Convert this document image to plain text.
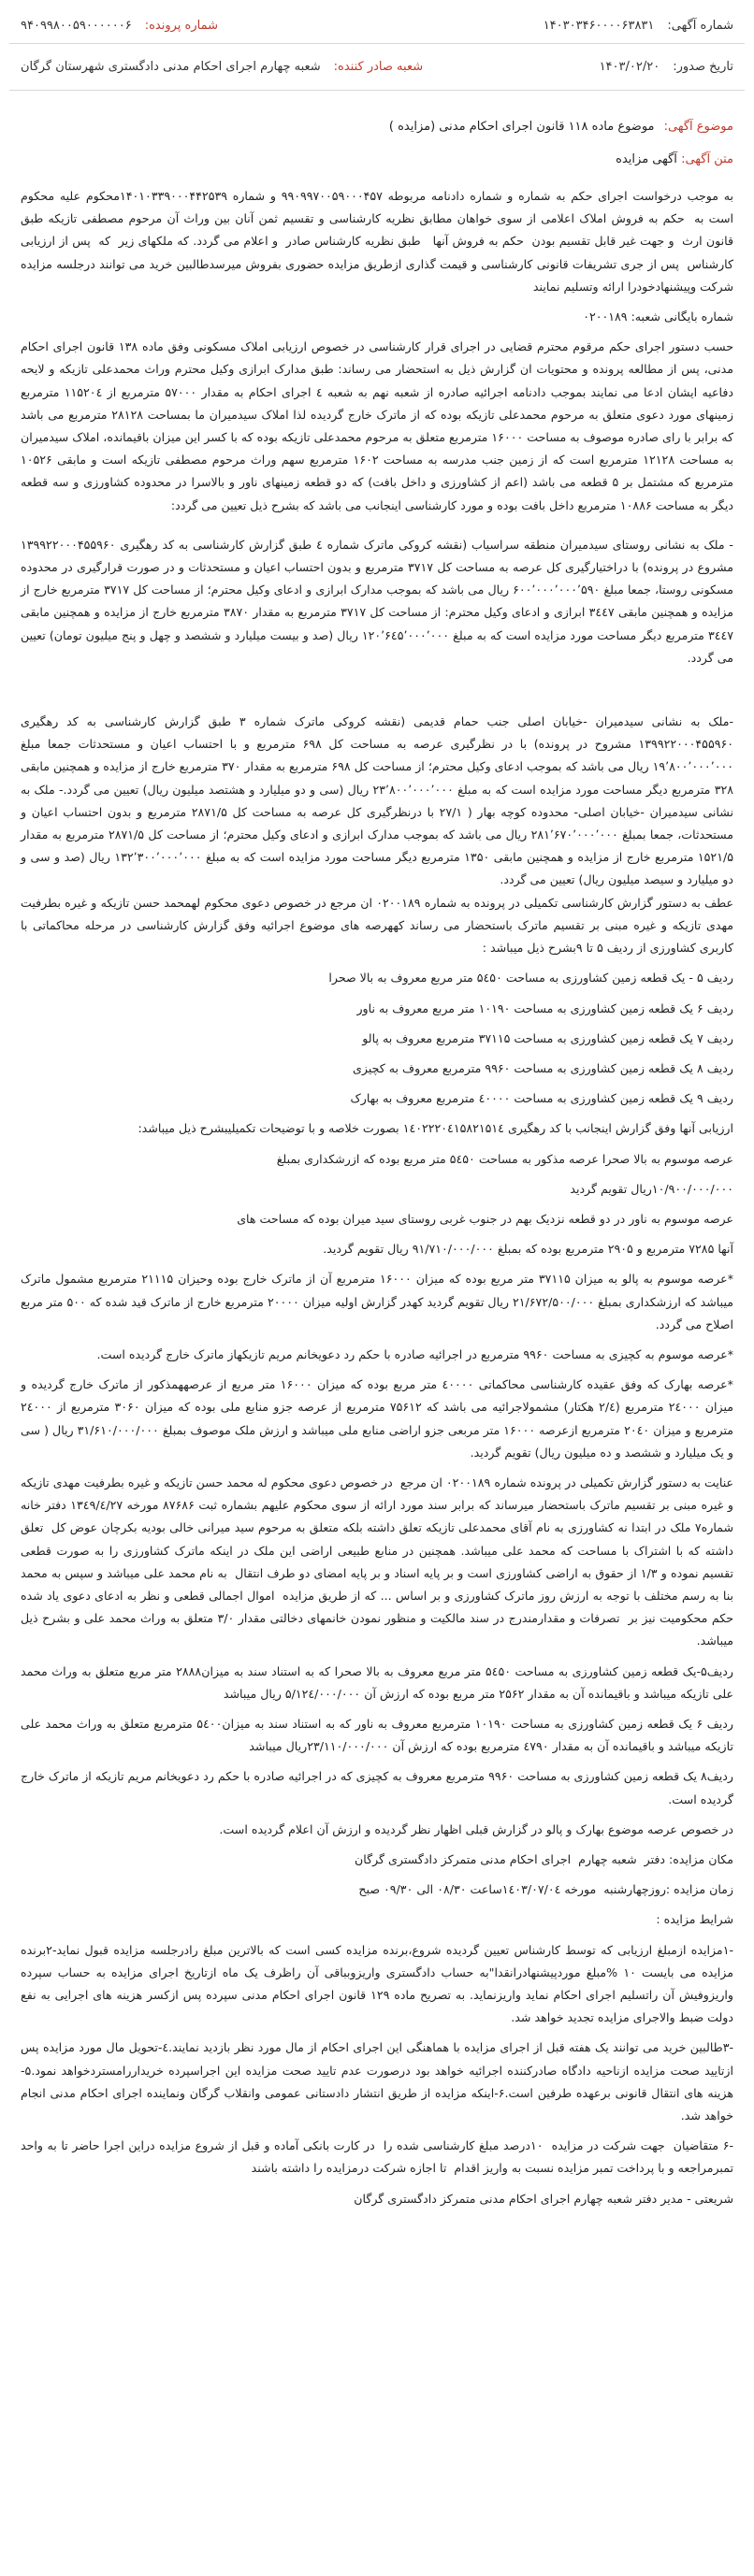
شماره آگهی:
۱۴۰۳۰۳۴۶۰۰۰۰۶۳۸۳۱
شماره پرونده:
۹۴۰۹۹۸۰۰۵۹۰۰۰۰۰۰۶
تاریخ صدور:
۱۴۰۳/۰۲/۲۰
شعبه صادر کننده:
شعبه چهارم اجرای احکام مدنی دادگستری شهرستان گرگان
موضوع آگهی: موضوع ماده ۱۱۸ قانون اجرای احکام مدنی (مزایده )
متن آگهی: آگهی مزایده

به موجب درخواست اجرای حکم به شماره و شماره دادنامه مربوطه ۹۹۰۹۹۷۰۰۵۹۰۰۰۴۵۷ و شماره ۱۴۰۱۰۳۳۹۰۰۰۴۴۲۵۳۹محکوم علیه محکوم است به  حکم به فروش املاک اعلامی از سوی خواهان مطابق نظریه کارشناسی و تقسیم ثمن آنان بین وراث آن مرحوم مصطفی تازیکه طبق قانون ارث  و جهت غیر قابل تقسیم بودن  حکم به فروش آنها   طبق نظریه کارشناس صادر  و اعلام می گردد. که ملکهای زیر  که  پس از ارزیابی کارشناس  پس از جری تشریفات قانونی کارشناسی و قیمت گذاری ازطریق مزایده حضوری بفروش میرسدطالبین خرید می توانند درجلسه مزایده شرکت وپیشنهادخودرا ارائه وتسلیم نمایند

شماره بایگانی شعبه: ۰۲۰۰۱۸۹

حسب دستور اجرای حکم مرقوم محترم قضایی در اجرای قرار کارشناسی در خصوص ارزیابی املاک مسکونی وفق ماده ۱۳۸ قانون اجرای احکام مدنی، پس از مطالعه پرونده و محتویات ان گزارش ذیل به استحضار می رساند: طبق مدارک ابرازی وکیل محترم وراث محمدعلی تازیکه و لایحه دفاعیه ایشان ادعا می نمایند بموجب دادنامه اجرائیه صادره از شعبه نهم به شعبه ٤ اجرای احکام به مقدار ۵۷۰۰۰ مترمربع از ۱۱۵۲۰٤ مترمربع زمینهای مورد دعوی متعلق به مرحوم محمدعلی تازیکه بوده که از ماترک خارج گردیده لذا املاک سیدمیران ما بمساحت ۲۸۱۲۸ مترمربع می باشد که برابر با رای صادره موصوف به مساحت ۱۶۰۰۰ مترمربع متعلق به مرحوم محمدعلی تازیکه بوده که با کسر این میزان باقیمانده، املاک سیدمیران به مساحت ۱۲۱۲۸ مترمربع است که از زمین جنب مدرسه به مساحت ۱۶۰۲ مترمربع سهم وراث مرحوم مصطفی تازیکه است و مابقی ۱۰۵۲۶ مترمربع که مشتمل بر ۵ قطعه می باشد (اعم از کشاورزی و داخل بافت) که دو قطعه زمینهای ناور و بالاسرا در محدوده کشاورزی و سه قطعه دیگر به مساحت ۱۰۸۸۶ مترمربع داخل بافت بوده و مورد کارشناسی اینجانب می باشد که بشرح ذیل تعیین می گردد:

- ملک به نشانی روستای سیدمیران منطقه سراسیاب (نقشه کروکی ماترک شماره ٤ طبق گزارش کارشناسی به کد رهگیری ۱۳۹۹۲۲۰۰۰۴۵۵۹۶۰ مشروع در پرونده) با دراختیارگیری کل عرصه به مساحت کل ۳۷۱۷ مترمربع و بدون احتساب اعیان و مستحدثات و در صورت قرارگیری در محدوده مسکونی روستا، جمعا مبلغ ۶۰۰٬۰۰۰٬۰۰۰٬۵۹۰ ریال می باشد که بموجب مدارک ابرازی و ادعای وکیل محترم؛ از مساحت کل ۳۷۱۷ مترمربع خارج از مزایده و همچنین مابقی ۳٤٤۷ ابرازی و ادعای وکیل محترم: از مساحت کل ۳۷۱۷ مترمربع به مقدار ۳۸۷۰ مترمربع خارج از مزایده و همچنین مابقی ۳٤٤۷ مترمربع دیگر مساحت مورد مزایده است که به مبلغ ۱۲۰٬۶٤۵٬۰۰۰٬۰۰۰ ریال (صد و بیست میلیارد و ششصد و چهل و پنج میلیون تومان) تعیین می گردد.

-ملک به نشانی سیدمیران -خیابان اصلی جنب حمام قدیمی (نقشه کروکی ماترک شماره ۳ طبق گزارش کارشناسی به کد رهگیری ۱۳۹۹۲۲۰۰۰۴۵۵۹۶۰ مشروح در پرونده) با در نظرگیری عرصه به مساحت کل ۶۹۸ مترمربع و با احتساب اعیان و مستحدثات جمعا مبلغ ۱۹٬۸۰۰٬۰۰۰٬۰۰۰ ریال می باشد که بموجب ادعای وکیل محترم؛ از مساحت کل ۶۹۸ مترمربع به مقدار ۳۷۰ مترمربع خارج از مزایده و همچنین مابقی ۳۲۸ مترمربع دیگر مساحت مورد مزایده است که به مبلغ ۲۳٬۸۰۰٬۰۰۰٬۰۰۰ ریال (سی و دو میلیارد و هشتصد میلیون ریال) تعیین می گردد.- ملک به نشانی سیدمیران -خیابان اصلی- محدوده کوچه بهار ( ۲۷/۱ با درنظرگیری کل عرصه به مساحت کل ۲۸۷۱/۵ مترمربع و بدون احتساب اعیان و مستحدثات، جمعا بمبلغ ۲۸۱٬۶۷۰٬۰۰۰٬۰۰۰ ریال می باشد که بموجب مدارک ابرازی و ادعای وکیل محترم؛ از مساحت کل ۲۸۷۱/۵ مترمربع به مقدار ۱۵۲۱/۵ مترمربع خارج از مزایده و همچنین مابقی ۱۳۵۰ مترمربع دیگر مساحت مورد مزایده است که به مبلغ ۱۳۲٬۳۰۰٬۰۰۰٬۰۰۰ ریال (صد و سی و دو میلیارد و سیصد میلیون ریال) تعیین می گردد.

عطف به دستور گزارش کارشناسی تکمیلی در پرونده به شماره ۰۲۰۰۱۸۹ ان مرجع در خصوص دعوی محکوم لهمحمد حسن تازیکه و غیره بطرفیت مهدی تازیکه و غیره مبنی بر تقسیم ماترک باستحضار می رساند کههرصه های موضوع اجرائیه وفق گزارش کارشناسی در مرحله محاکماتی با کاربری کشاورزی از ردیف ۵ تا ۹بشرح ذیل میباشد :

ردیف ۵ - یک قطعه زمین کشاورزی به مساحت ۵٤۵۰ متر مربع معروف به بالا صحرا

ردیف ۶ یک قطعه زمین کشاورزی به مساحت ۱۰۱۹۰ متر مربع معروف به ناور

ردیف ۷ یک قطعه زمین کشاورزی به مساحت ۳۷۱۱۵ مترمربع معروف به پالو

ردیف ۸ یک قطعه زمین کشاورزی به مساحت ۹۹۶۰ مترمربع معروف به کچیزی

ردیف ۹ یک قطعه زمین کشاورزی به مساحت ٤۰۰۰۰ مترمربع معروف به بهارک

ارزیابی آنها وفق گزارش اینجانب با کد رهگیری ۱٤۰۲۲۲۰٤۱۵۸۲۱۵۱٤ بصورت خلاصه و با توضیحات تکمیلیبشرح ذیل میباشد:

عرصه موسوم به بالا صحرا عرصه مذکور به مساحت ۵٤۵۰ متر مربع بوده که ازرشکداری بمبلغ

۱۰/۹۰۰/۰۰۰/۰۰۰ریال تقویم گردید

عرصه موسوم به ناور در دو قطعه نزدیک بهم در جنوب غربی روستای سید میران بوده که مساحت های

آنها ۷۲۸۵ مترمربع و ۲۹۰۵ مترمربع بوده که بمبلغ ۹۱/۷۱۰/۰۰۰/۰۰۰ ریال تقویم گردید.

*عرصه موسوم به پالو به میزان ۳۷۱۱۵ متر مربع بوده که میزان ۱۶۰۰۰ مترمربع آن از ماترک خارج بوده وحیزان ۲۱۱۱۵ مترمربع مشمول ماترک میباشد که ارزشکداری بمبلغ ۲۱/۶۷۲/۵۰۰/۰۰۰ ریال تقویم گردید کهدر گزارش اولیه میزان ۲۰۰۰۰ مترمربع خارج از ماترک قید شده که ۵۰۰ متر مربع اصلاح می گردد.

*عرصه موسوم به کچیزی به مساحت ۹۹۶۰ مترمربع در اجرائیه صادره با حکم رد دعویخانم مریم تازیکهاز ماترک خارج گردیده است.

*عرصه بهارک که وفق عقیده کارشناسی محاکماتی ٤۰۰۰۰ متر مربع بوده که میزان ۱۶۰۰۰ متر مربع از عرصههمذکور از ماترک خارج گردیده و میزان ۲٤۰۰۰ مترمربع (۲/٤ هکتار) مشمولاجرائیه می باشد که ۷۵۶۱۲ مترمربع از عرصه جزو منابع ملی بوده که میزان ۳۰۶۰ مترمربع از ۲٤۰۰۰ مترمربع و میزان ۲۰٤۰ مترمربع ازعرصه ۱۶۰۰۰ متر مربعی جزو اراضی منابع ملی میباشد و ارزش ملک موصوف بمبلغ ۳۱/۶۱۰/۰۰۰/۰۰۰ ریال ( سی و یک میلیارد و ششصد و ده میلیون ریال) تقویم گردید.

عنایت به دستور گزارش تکمیلی در پرونده شماره ۰۲۰۰۱۸۹ ان مرجع  در خصوص دعوی محکوم له محمد حسن تازیکه و غیره بطرفیت مهدی تازیکه و غیره مبنی بر تقسیم ماترک باستحضار میرساند که برابر سند مورد ارائه از سوی محکوم علیهم بشماره ثبت ۸۷۶۸۶ مورخه ۱۳٤۹/٤/۲۷ دفتر خانه شماره۷ ملک در ابتدا نه کشاورزی به نام آقای محمدعلی تازیکه تعلق داشته بلکه متعلق به مرحوم سید میرانی خالی بودیه بکرچان عوض کل  تعلق داشته که با اشتراک با مساحت که محمد علی میباشد. همچنین در منابع طبیعی اراضی این ملک در اینکه ماترک کشاورزی را به صورت قطعی تقسیم نموده و ۱/۳ از حقوق به اراضی کشاورزی است و بر پایه اسناد و بر پایه امضای دو طرف انتقال  به نام محمد علی میباشد و سپس به محمد  بنا به رسم مختلف با توجه به ارزش روز ماترک کشاورزی و بر اساس ... که از طریق مزایده  اموال اجمالی قطعی و نظر به ادعای دعوی یاد شده حکم محکومیت نیز بر  تصرفات و مقدارمندرج در سند مالکیت و منظور نمودن خانمهای دخالتی مقدار ۳/۰ متعلق به وراث محمد علی و بشرح ذیل میباشد.

ردیف۵-یک قطعه زمین کشاورزی به مساحت ۵٤۵۰ متر مربع معروف به بالا صحرا که به استناد سند به میزان۲۸۸۸ متر مربع متعلق به وراث محمد علی تازیکه میباشد و باقیمانده آن به مقدار ۲۵۶۲ متر مربع بوده که ارزش آن ۵/۱۲٤/۰۰۰/۰۰۰ ریال میباشد

ردیف ۶ یک قطعه زمین کشاورزی به مساحت ۱۰۱۹۰ مترمربع معروف به ناور که به استناد سند به میزان۵٤۰۰ مترمربع متعلق به وراث محمد علی تازیکه میباشد و باقیمانده آن به مقدار ٤۷۹۰ مترمربع بوده که ارزش آن ۲۳/۱۱۰/۰۰۰/۰۰۰ریال میباشد

ردیف۸ یک قطعه زمین کشاورزی به مساحت ۹۹۶۰ مترمربع معروف به کچیزی که در اجرائیه صادره با حکم رد دعویخانم مریم تازیکه از ماترک خارج گردیده است.

در خصوص عرصه موضوع بهارک و پالو در گزارش قبلی اظهار نظر گردیده و ارزش آن اعلام گردیده است.

مکان مزایده: دفتر  شعبه چهارم  اجرای احکام مدنی متمرکز دادگستری گرگان

زمان مزایده :روزچهارشنبه  مورخه ۱٤۰۳/۰۷/۰٤ساعت ۰۸/۳۰ الی ۰۹/۳۰ صبح

شرایط مزایده :

-۱مزایده ازمبلغ ارزیابی که توسط کارشناس تعیین گردیده شروع،برنده مزایده کسی است که بالاترین مبلغ رادرجلسه مزایده قبول نماید-۲برنده مزایده می بایست ۱۰ %مبلغ موردپیشنهادرانقدا"به حساب دادگستری واریزوبباقی آن راظرف یک ماه ازتاریخ اجرای مزایده به حساب سپرده واریزوفیش آن راتسلیم اجرای احکام نماید واریزنماید. به تصریح ماده ۱۲۹ قانون اجرای احکام مدنی سپرده پس ازکسر هزینه های اجرایی به نفع دولت ضبط والاجرای مزایده تجدید خواهد شد.

-۳طالبین خرید می توانند یک هفته قبل از اجرای مزایده با هماهنگی این اجرای احکام از مال مورد نظر بازدید نمایند.٤-تحویل مال مورد مزایده پس ازتایید صحت مزایده ازناحیه دادگاه صادرکننده اجرائیه خواهد بود درصورت عدم تایید صحت مزایده این اجراسپرده خریداررامستردخواهد نمود.۵-هزینه های انتقال قانونی برعهده طرفین است.۶-اینکه مزایده از طریق انتشار دادستانی عمومی وانقلاب گرگان ونماینده اجرای احکام مدنی انجام خواهد شد.

-۶ متقاضیان  جهت شرکت در مزایده  ۱۰درصد مبلغ کارشناسی شده را  در کارت بانکی آماده و قبل از شروع مزایده دراین اجرا حاضر تا به واحد تمبرمراجعه و با پرداخت تمبر مزایده نسبت به واریز اقدام  تا اجازه شرکت درمزایده را داشته باشند

شریعتی - مدیر دفتر شعبه چهارم اجرای احکام مدنی متمرکز دادگستری گرگان
